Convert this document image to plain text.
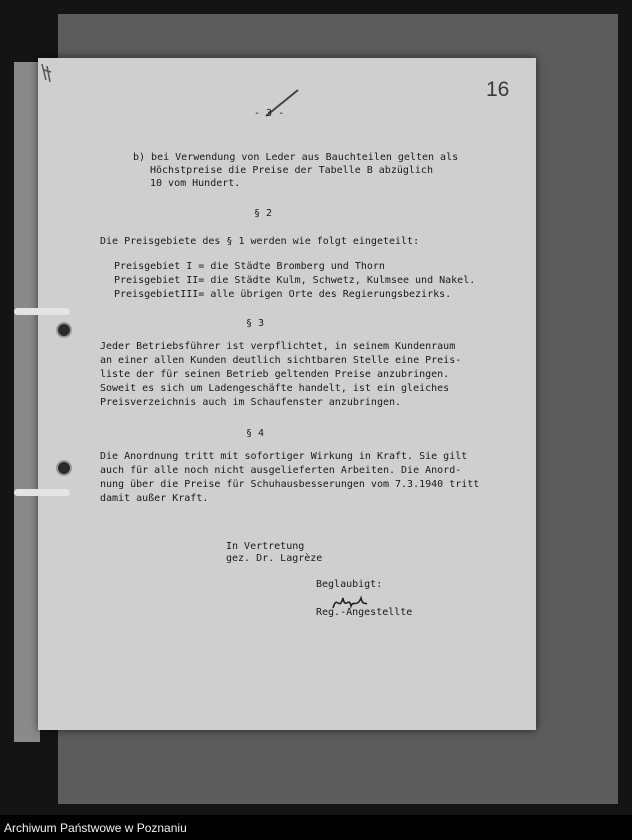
- 3 -
16
b) bei Verwendung von Leder aus Bauchteilen gelten als
Höchstpreise die Preise der Tabelle B abzüglich
10 vom Hundert.
§ 2
Die Preisgebiete des § 1 werden wie folgt eingeteilt:
Preisgebiet I = die Städte Bromberg und Thorn
Preisgebiet II= die Städte Kulm, Schwetz, Kulmsee und Nakel.
PreisgebietIII= alle übrigen Orte des Regierungsbezirks.
§ 3
Jeder Betriebsführer ist verpflichtet, in seinem Kundenraum
an einer allen Kunden deutlich sichtbaren Stelle eine Preis-
liste der für seinen Betrieb geltenden Preise anzubringen.
Soweit es sich um Ladengeschäfte handelt, ist ein gleiches
Preisverzeichnis auch im Schaufenster anzubringen.
§ 4
Die Anordnung tritt mit sofortiger Wirkung in Kraft. Sie gilt
auch für alle noch nicht ausgelieferten Arbeiten. Die Anord-
nung über die Preise für Schuhausbesserungen vom 7.3.1940 tritt
damit außer Kraft.
In Vertretung
gez. Dr. Lagrèze
Beglaubigt:
Reg.-Angestellte
Archiwum Państwowe w Poznaniu
